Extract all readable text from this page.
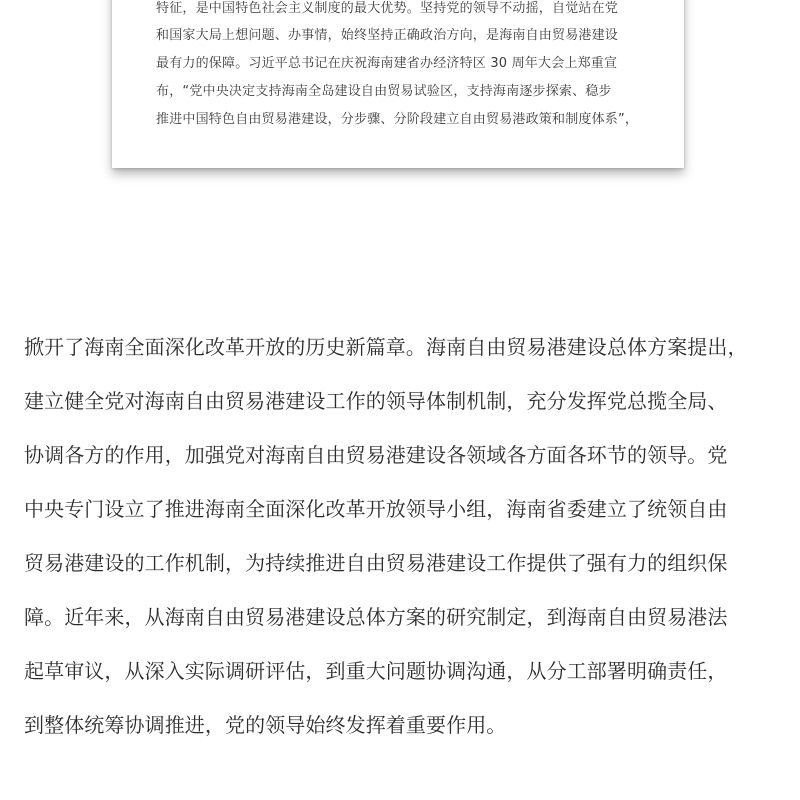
特征，是中国特色社会主义制度的最大优势。坚持党的领导不动摇，自觉站在党
和国家大局上想问题、办事情，始终坚持正确政治方向，是海南自由贸易港建设
最有力的保障。习近平总书记在庆祝海南建省办经济特区 30 周年大会上郑重宣
布，“党中央决定支持海南全岛建设自由贸易试验区，支持海南逐步探索、稳步
推进中国特色自由贸易港建设，分步骤、分阶段建立自由贸易港政策和制度体系”，
掀开了海南全面深化改革开放的历史新篇章。海南自由贸易港建设总体方案提出，
建立健全党对海南自由贸易港建设工作的领导体制机制，充分发挥党总揽全局、
协调各方的作用，加强党对海南自由贸易港建设各领域各方面各环节的领导。党
中央专门设立了推进海南全面深化改革开放领导小组，海南省委建立了统领自由
贸易港建设的工作机制，为持续推进自由贸易港建设工作提供了强有力的组织保
障。近年来，从海南自由贸易港建设总体方案的研究制定，到海南自由贸易港法
起草审议，从深入实际调研评估，到重大问题协调沟通，从分工部署明确责任，
到整体统筹协调推进，党的领导始终发挥着重要作用。
